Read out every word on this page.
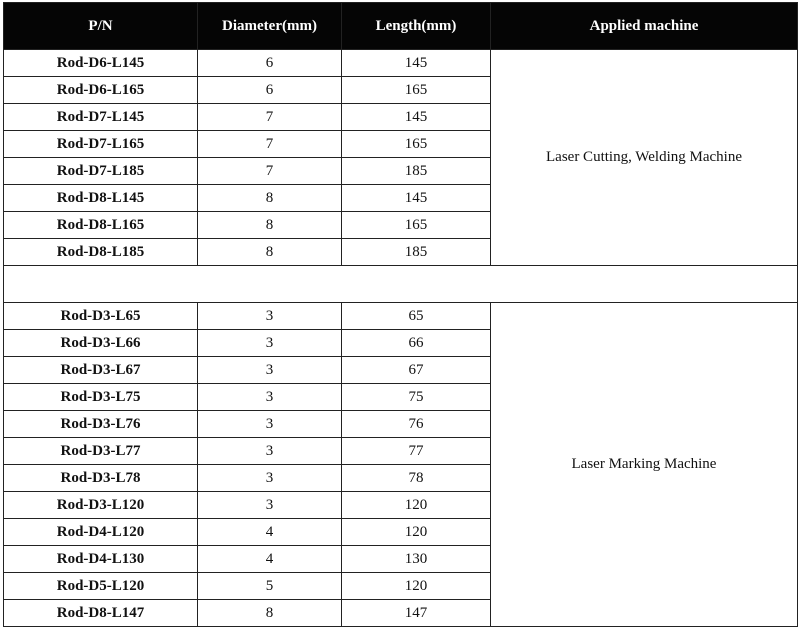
P/N	Diameter(mm)	Length(mm)	Applied machine
Rod-D6-L145	6	145	Laser Cutting, Welding Machine
Rod-D6-L165	6	165	
Rod-D7-L145	7	145	
Rod-D7-L165	7	165	
Rod-D7-L185	7	185	
Rod-D8-L145	8	145	
Rod-D8-L165	8	165	
Rod-D8-L185	8	185	

Rod-D3-L65	3	65	Laser Marking Machine
Rod-D3-L66	3	66	
Rod-D3-L67	3	67	
Rod-D3-L75	3	75	
Rod-D3-L76	3	76	
Rod-D3-L77	3	77	
Rod-D3-L78	3	78	
Rod-D3-L120	3	120	
Rod-D4-L120	4	120	
Rod-D4-L130	4	130	
Rod-D5-L120	5	120	
Rod-D8-L147	8	147	
